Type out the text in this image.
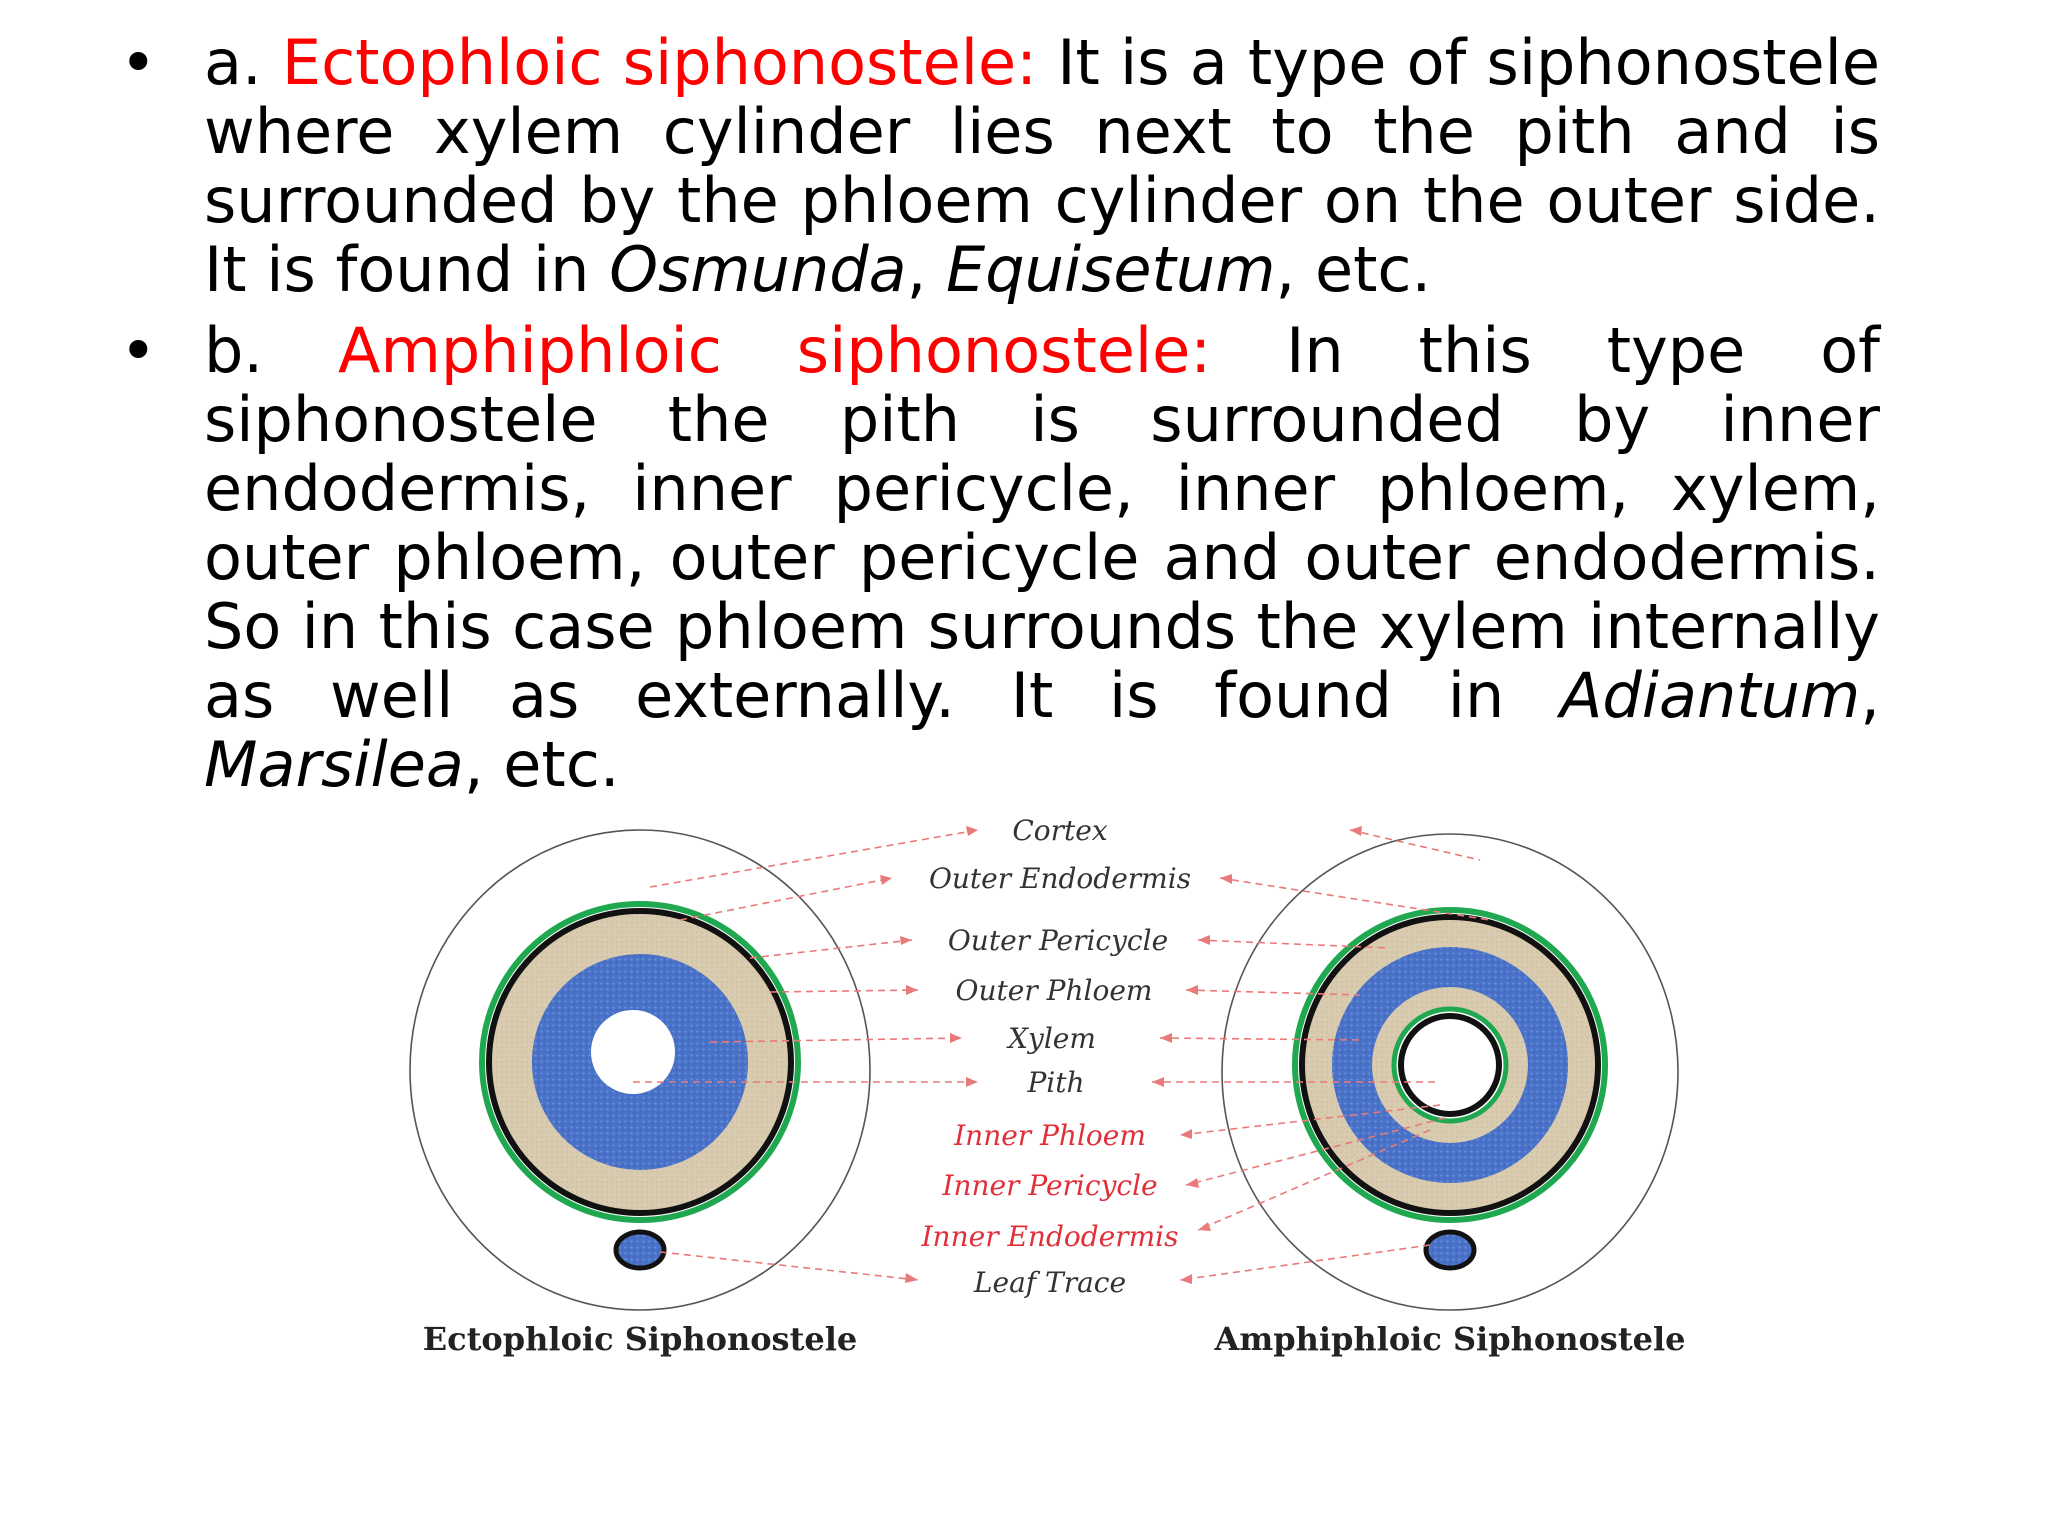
• a. Ectophloic siphonostele: It is a type of siphonostele where xylem cylinder lies next to the pith and is surrounded by the phloem cylinder on the outer side. It is found in Osmunda, Equisetum, etc.
• b. Amphiphloic siphonostele: In this type of siphonostele the pith is surrounded by inner endodermis, inner pericycle, inner phloem, xylem, outer phloem, outer pericycle and outer endodermis. So in this case phloem surrounds the xylem internally as well as externally. It is found in Adiantum, Marsilea, etc.
Cortex
Outer Endodermis
Outer Pericycle
Outer Phloem
Xylem
Pith
Inner Phloem
Inner Pericycle
Inner Endodermis
Leaf Trace
Ectophloic Siphonostele	Amphiphloic Siphonostele
